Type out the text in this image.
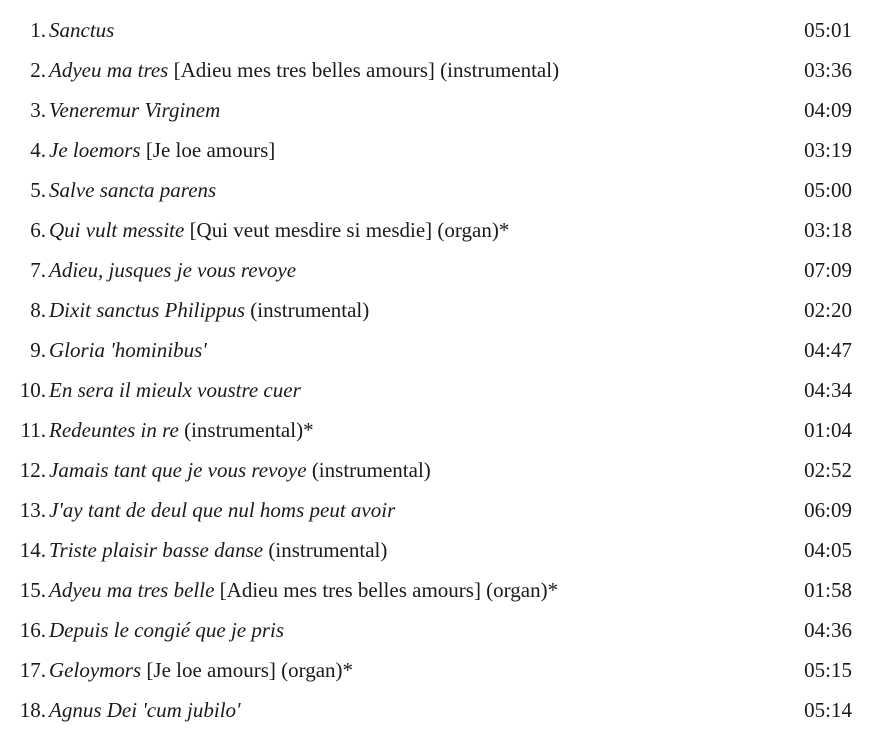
1. Sanctus	05:01
2. Adyeu ma tres [Adieu mes tres belles amours] (instrumental)	03:36
3. Veneremur Virginem	04:09
4. Je loemors [Je loe amours]	03:19
5. Salve sancta parens	05:00
6. Qui vult messite [Qui veut mesdire si mesdie] (organ)*	03:18
7. Adieu, jusques je vous revoye	07:09
8. Dixit sanctus Philippus (instrumental)	02:20
9. Gloria 'hominibus'	04:47
10. En sera il mieulx voustre cuer	04:34
11. Redeuntes in re (instrumental)*	01:04
12. Jamais tant que je vous revoye (instrumental)	02:52
13. J'ay tant de deul que nul homs peut avoir	06:09
14. Triste plaisir basse danse (instrumental)	04:05
15. Adyeu ma tres belle [Adieu mes tres belles amours] (organ)*	01:58
16. Depuis le congié que je pris	04:36
17. Geloymors [Je loe amours] (organ)*	05:15
18. Agnus Dei 'cum jubilo'	05:14
